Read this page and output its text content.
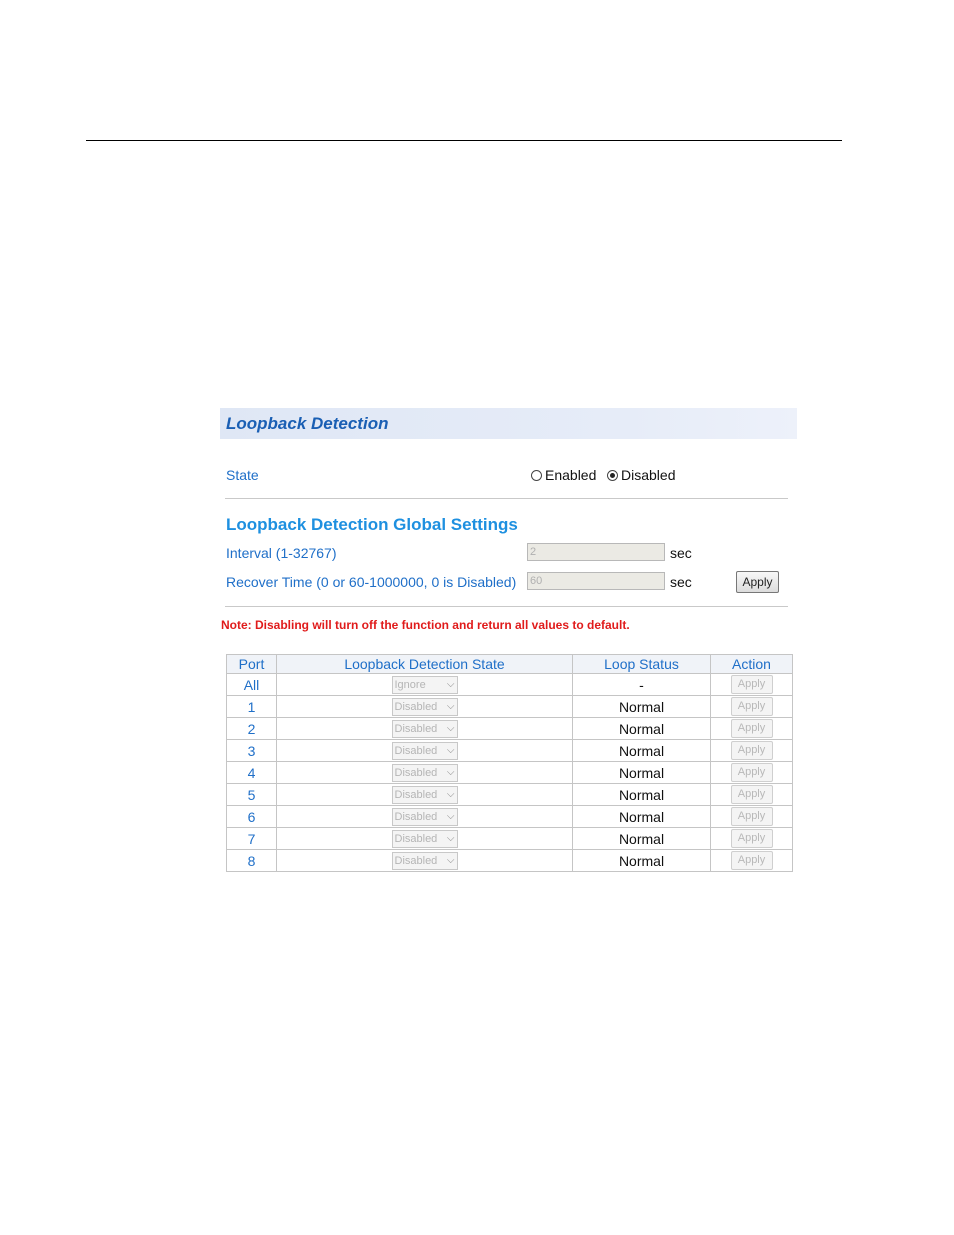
Loopback Detection
State	Enabled Disabled
Loopback Detection Global Settings
Interval (1-32767)	2	sec
Recover Time (0 or 60-1000000, 0 is Disabled) 60	sec	Apply
Note: Disabling will turn off the function and return all values to default.
Port	Loopback Detection State	Loop Status	Action
All	Ignore ⌵	-	Apply
1	Disabled ⌵	Normal	Apply
2	Disabled ⌵	Normal	Apply
3	Disabled ⌵	Normal	Apply
4	Disabled ⌵	Normal	Apply
5	Disabled ⌵	Normal	Apply
6	Disabled ⌵	Normal	Apply
7	Disabled ⌵	Normal	Apply
8	Disabled ⌵	Normal	Apply
